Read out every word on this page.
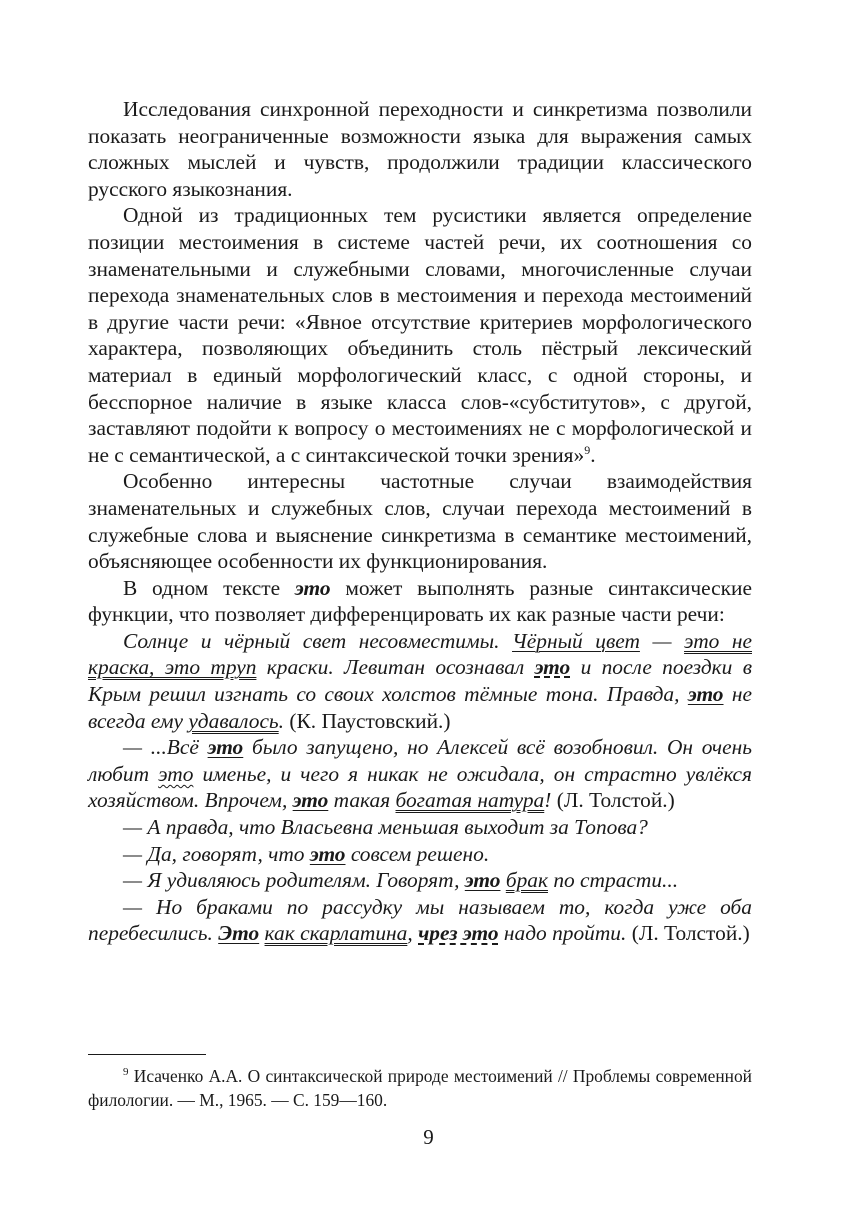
Исследования синхронной переходности и синкретизма позволили показать неограниченные возможности языка для выражения самых сложных мыслей и чувств, продолжили традиции классического русского языкознания.

Одной из традиционных тем русистики является определение позиции местоимения в системе частей речи, их соотношения со знаменательными и служебными словами, многочисленные случаи перехода знаменательных слов в местоимения и перехода местоимений в другие части речи: «Явное отсутствие критериев морфологического характера, позволяющих объединить столь пёстрый лексический материал в единый морфологический класс, с одной стороны, и бесспорное наличие в языке класса слов-«субститутов», с другой, заставляют подойти к вопросу о местоимениях не с морфологической и не с семантической, а с синтаксической точки зрения»$^9$.

Особенно интересны частотные случаи взаимодействия знаменательных и служебных слов, случаи перехода местоимений в служебные слова и выяснение синкретизма в семантике местоимений, объясняющее особенности их функционирования.

В одном тексте это может выполнять разные синтаксические функции, что позволяет дифференцировать их как разные части речи:

Солнце и чёрный свет несовместимы. Чёрный цвет — это не краска, это труп краски. Левитан осознавал это и после поездки в Крым решил изгнать со своих холстов тёмные тона. Правда, это не всегда ему удавалось. (К. Паустовский.)

— ...Всё это было запущено, но Алексей всё возобновил. Он очень любит это именье, и чего я никак не ожидала, он страстно увлёкся хозяйством. Впрочем, это такая богатая натура! (Л. Толстой.)

— А правда, что Власьевна меньшая выходит за Топова?

— Да, говорят, что это совсем решено.

— Я удивляюсь родителям. Говорят, это брак по страсти...

— Но браками по рассудку мы называем то, когда уже оба перебесились. Это как скарлатина, чрез это надо пройти. (Л. Толстой.)

$^9$ Исаченко А.А. О синтаксической природе местоимений // Проблемы современной филологии. — М., 1965. — С. 159—160.

9
